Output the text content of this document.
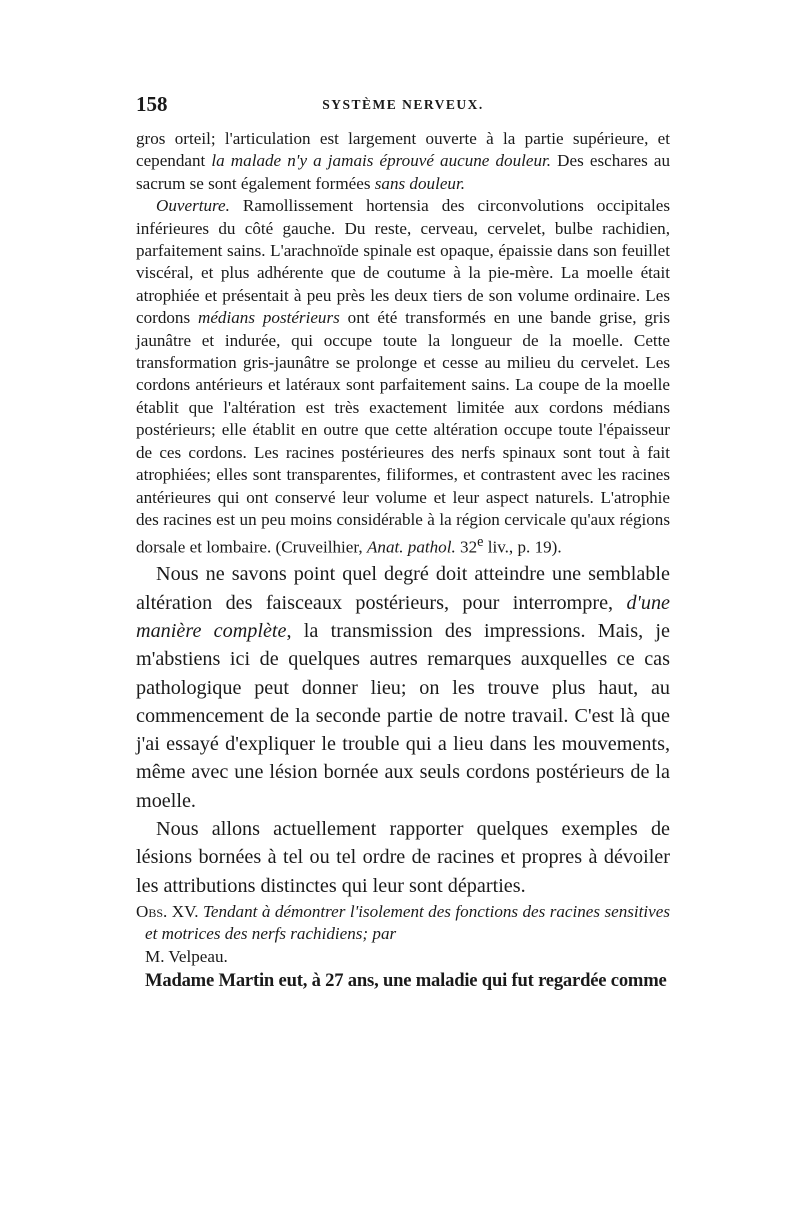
158	SYSTÈME NERVEUX.

gros orteil; l'articulation est largement ouverte à la partie supérieure, et cependant la malade n'y a jamais éprouvé aucune douleur. Des eschares au sacrum se sont également formées sans douleur.

Ouverture. Ramollissement hortensia des circonvolutions occipitales inférieures du côté gauche. Du reste, cerveau, cervelet, bulbe rachidien, parfaitement sains. L'arachnoïde spinale est opaque, épaissie dans son feuillet viscéral, et plus adhérente que de coutume à la pie-mère. La moelle était atrophiée et présentait à peu près les deux tiers de son volume ordinaire. Les cordons médians postérieurs ont été transformés en une bande grise, gris jaunâtre et indurée, qui occupe toute la longueur de la moelle. Cette transformation gris-jaunâtre se prolonge et cesse au milieu du cervelet. Les cordons antérieurs et latéraux sont parfaitement sains. La coupe de la moelle établit que l'altération est très exactement limitée aux cordons médians postérieurs; elle établit en outre que cette altération occupe toute l'épaisseur de ces cordons. Les racines postérieures des nerfs spinaux sont tout à fait atrophiées; elles sont transparentes, filiformes, et contrastent avec les racines antérieures qui ont conservé leur volume et leur aspect naturels. L'atrophie des racines est un peu moins considérable à la région cervicale qu'aux régions dorsale et lombaire. (Cruveilhier, Anat. pathol. 32e liv., p. 19).

Nous ne savons point quel degré doit atteindre une semblable altération des faisceaux postérieurs, pour interrompre, d'une manière complète, la transmission des impressions. Mais, je m'abstiens ici de quelques autres remarques auxquelles ce cas pathologique peut donner lieu; on les trouve plus haut, au commencement de la seconde partie de notre travail. C'est là que j'ai essayé d'expliquer le trouble qui a lieu dans les mouvements, même avec une lésion bornée aux seuls cordons postérieurs de la moelle.

Nous allons actuellement rapporter quelques exemples de lésions bornées à tel ou tel ordre de racines et propres à dévoiler les attributions distinctes qui leur sont départies.

Obs. XV. Tendant à démontrer l'isolement des fonctions des racines sensitives et motrices des nerfs rachidiens; par
M. Velpeau.

Madame Martin eut, à 27 ans, une maladie qui fut regardée comme
